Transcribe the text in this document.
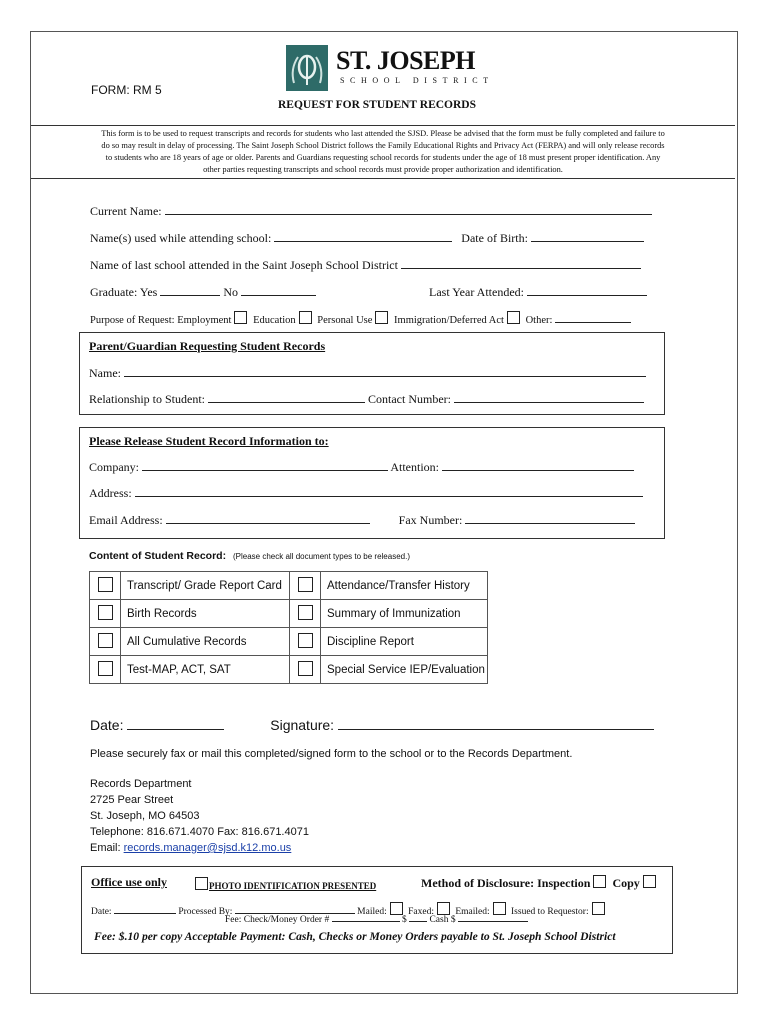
FORM: RM 5
ST. JOSEPH
SCHOOL DISTRICT
REQUEST FOR STUDENT RECORDS
This form is to be used to request transcripts and records for students who last attended the SJSD. Please be advised that the form must be fully completed and failure to
do so may result in delay of processing. The Saint Joseph School District follows the Family Educational Rights and Privacy Act (FERPA) and will only release records
to students who are 18 years of age or older. Parents and Guardians requesting school records for students under the age of 18 must present proper identification. Any
other parties requesting transcripts and school records must provide proper authorization and identification.
Current Name:
Name(s) used while attending school:	Date of Birth:
Name of last school attended in the Saint Joseph School District
Graduate: Yes	No	Last Year Attended:
Purpose of Request: Employment Education Personal Use Immigration/Deferred Act Other:
Parent/Guardian Requesting Student Records
Name:
Relationship to Student:	Contact Number:
Please Release Student Record Information to:
Company:	Attention:
Address:
Email Address:	Fax Number:
Content of Student Record: (Please check all document types to be released.)
	Transcript/ Grade Report Card		Attendance/Transfer History
	Birth Records		Summary of Immunization
	All Cumulative Records		Discipline Report
	Test-MAP, ACT, SAT		Special Service IEP/Evaluation
Date:	Signature:
Please securely fax or mail this completed/signed form to the school or to the Records Department.
Records Department
2725 Pear Street
St. Joseph, MO 64503
Telephone: 816.671.4070 Fax: 816.671.4071
Email: records.manager@sjsd.k12.mo.us
Office use only	PHOTO IDENTIFICATION PRESENTED	Method of Disclosure: Inspection Copy
Date:	Processed By:	Mailed: Faxed: Emailed: Issued to Requestor:
Fee: Check/Money Order #	$ Cash $
Fee: $.10 per copy Acceptable Payment: Cash, Checks or Money Orders payable to St. Joseph School District
